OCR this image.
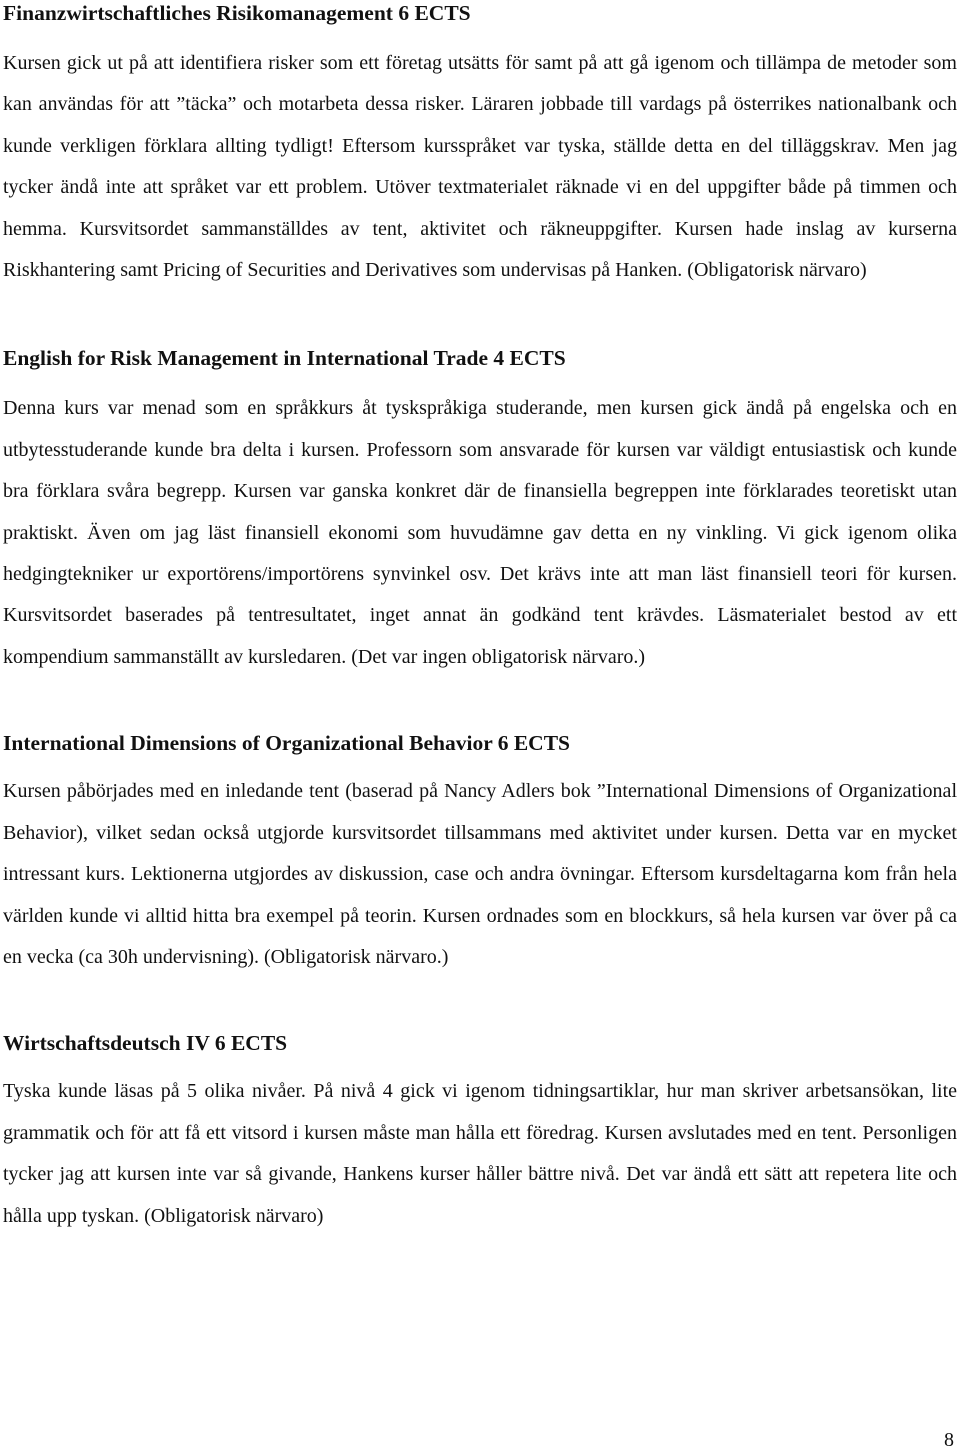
Finanzwirtschaftliches Risikomanagement 6 ECTS

Kursen gick ut på att identifiera risker som ett företag utsätts för samt på att gå igenom och tillämpa de metoder som kan användas för att ”täcka” och motarbeta dessa risker. Läraren jobbade till vardags på österrikes nationalbank och kunde verkligen förklara allting tydligt! Eftersom kursspråket var tyska, ställde detta en del tilläggskrav. Men jag tycker ändå inte att språket var ett problem. Utöver textmaterialet räknade vi en del uppgifter både på timmen och hemma. Kursvitsordet sammanställdes av tent, aktivitet och räkneuppgifter. Kursen hade inslag av kurserna Riskhantering samt Pricing of Securities and Derivatives som undervisas på Hanken. (Obligatorisk närvaro)

English for Risk Management in International Trade 4 ECTS

Denna kurs var menad som en språkkurs åt tyskspråkiga studerande, men kursen gick ändå på engelska och en utbytesstuderande kunde bra delta i kursen. Professorn som ansvarade för kursen var väldigt entusiastisk och kunde bra förklara svåra begrepp. Kursen var ganska konkret där de finansiella begreppen inte förklarades teoretiskt utan praktiskt. Även om jag läst finansiell ekonomi som huvudämne gav detta en ny vinkling. Vi gick igenom olika hedgingtekniker ur exportörens/importörens synvinkel osv. Det krävs inte att man läst finansiell teori för kursen. Kursvitsordet baserades på tentresultatet, inget annat än godkänd tent krävdes. Läsmaterialet bestod av ett kompendium sammanställt av kursledaren. (Det var ingen obligatorisk närvaro.)

International Dimensions of Organizational Behavior 6 ECTS

Kursen påbörjades med en inledande tent (baserad på Nancy Adlers bok ”International Dimensions of Organizational Behavior), vilket sedan också utgjorde kursvitsordet tillsammans med aktivitet under kursen. Detta var en mycket intressant kurs. Lektionerna utgjordes av diskussion, case och andra övningar. Eftersom kursdeltagarna kom från hela världen kunde vi alltid hitta bra exempel på teorin. Kursen ordnades som en blockkurs, så hela kursen var över på ca en vecka (ca 30h undervisning). (Obligatorisk närvaro.)

Wirtschaftsdeutsch IV 6 ECTS

Tyska kunde läsas på 5 olika nivåer. På nivå 4 gick vi igenom tidningsartiklar, hur man skriver arbetsansökan, lite grammatik och för att få ett vitsord i kursen måste man hålla ett föredrag. Kursen avslutades med en tent. Personligen tycker jag att kursen inte var så givande, Hankens kurser håller bättre nivå. Det var ändå ett sätt att repetera lite och hålla upp tyskan. (Obligatorisk närvaro)

8
